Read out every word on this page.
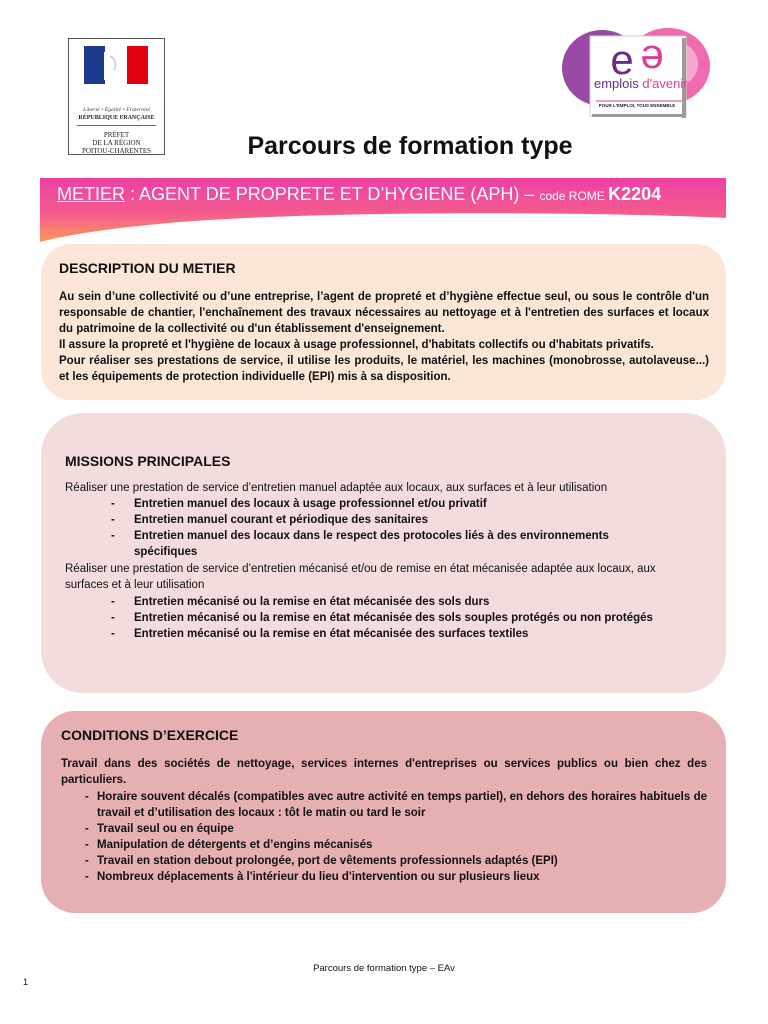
Liberté • Égalité • Fraternité
RÉPUBLIQUE FRANÇAISE
PRÉFET
DE LA RÉGION
POITOU-CHARENTES
e e
emplois d'avenir
POUR L'EMPLOI, TOUS ENSEMBLE
Parcours de formation type
METIER : AGENT DE PROPRETE ET D’HYGIENE (APH) – code ROME K2204
DESCRIPTION DU METIER
Au sein d’une collectivité ou d’une entreprise, l’agent de propreté et d’hygiène effectue seul, ou sous le contrôle d'un responsable de chantier, l'enchaînement des travaux nécessaires au nettoyage et à l'entretien des surfaces et locaux du patrimoine de la collectivité ou d'un établissement d'enseignement.
Il assure la propreté et l'hygiène de locaux à usage professionnel, d'habitats collectifs ou d'habitats privatifs.
Pour réaliser ses prestations de service, il utilise les produits, le matériel, les machines (monobrosse, autolaveuse...) et les équipements de protection individuelle (EPI) mis à sa disposition.
MISSIONS PRINCIPALES
Réaliser une prestation de service d’entretien manuel adaptée aux locaux, aux surfaces et à leur utilisation
- Entretien manuel des locaux à usage professionnel et/ou privatif
- Entretien manuel courant et périodique des sanitaires
- Entretien manuel des locaux dans le respect des protocoles liés à des environnements spécifiques
Réaliser une prestation de service d’entretien mécanisé et/ou de remise en état mécanisée adaptée aux locaux, aux surfaces et à leur utilisation
- Entretien mécanisé ou la remise en état mécanisée des sols durs
- Entretien mécanisé ou la remise en état mécanisée des sols souples protégés ou non protégés
- Entretien mécanisé ou la remise en état mécanisée des surfaces textiles
CONDITIONS D’EXERCICE
Travail dans des sociétés de nettoyage, services internes d'entreprises ou services publics ou bien chez des particuliers.
- Horaire souvent décalés (compatibles avec autre activité en temps partiel), en dehors des horaires habituels de travail et d’utilisation des locaux : tôt le matin ou tard le soir
- Travail seul ou en équipe
- Manipulation de détergents et d’engins mécanisés
- Travail en station debout prolongée, port de vêtements professionnels adaptés (EPI)
- Nombreux déplacements à l'intérieur du lieu d'intervention ou sur plusieurs lieux
Parcours de formation type – EAv
1
